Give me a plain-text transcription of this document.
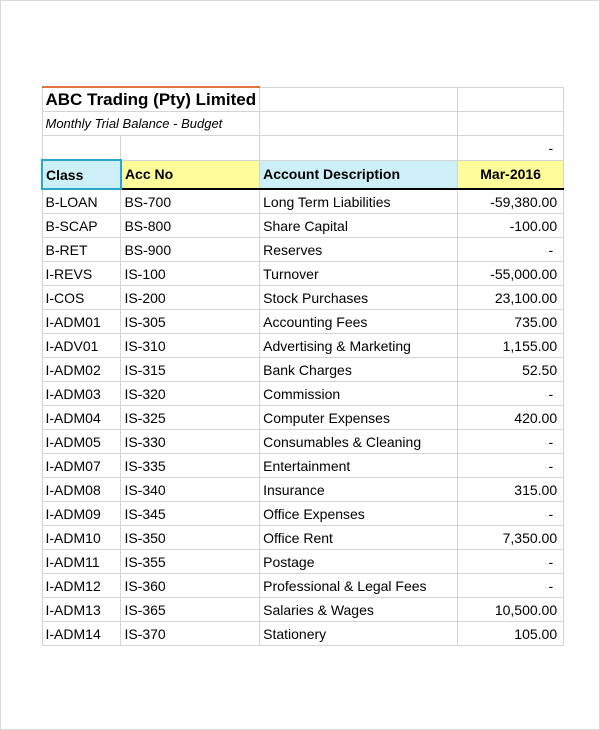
ABC Trading (Pty) Limited			
Monthly Trial Balance - Budget			
			-
Class	Acc No	Account Description	Mar-2016
B-LOAN	BS-700	Long Term Liabilities	-59,380.00
B-SCAP	BS-800	Share Capital	-100.00
B-RET	BS-900	Reserves	-
I-REVS	IS-100	Turnover	-55,000.00
I-COS	IS-200	Stock Purchases	23,100.00
I-ADM01	IS-305	Accounting Fees	735.00
I-ADV01	IS-310	Advertising & Marketing	1,155.00
I-ADM02	IS-315	Bank Charges	52.50
I-ADM03	IS-320	Commission	-
I-ADM04	IS-325	Computer Expenses	420.00
I-ADM05	IS-330	Consumables & Cleaning	-
I-ADM07	IS-335	Entertainment	-
I-ADM08	IS-340	Insurance	315.00
I-ADM09	IS-345	Office Expenses	-
I-ADM10	IS-350	Office Rent	7,350.00
I-ADM11	IS-355	Postage	-
I-ADM12	IS-360	Professional & Legal Fees	-
I-ADM13	IS-365	Salaries & Wages	10,500.00
I-ADM14	IS-370	Stationery	105.00
